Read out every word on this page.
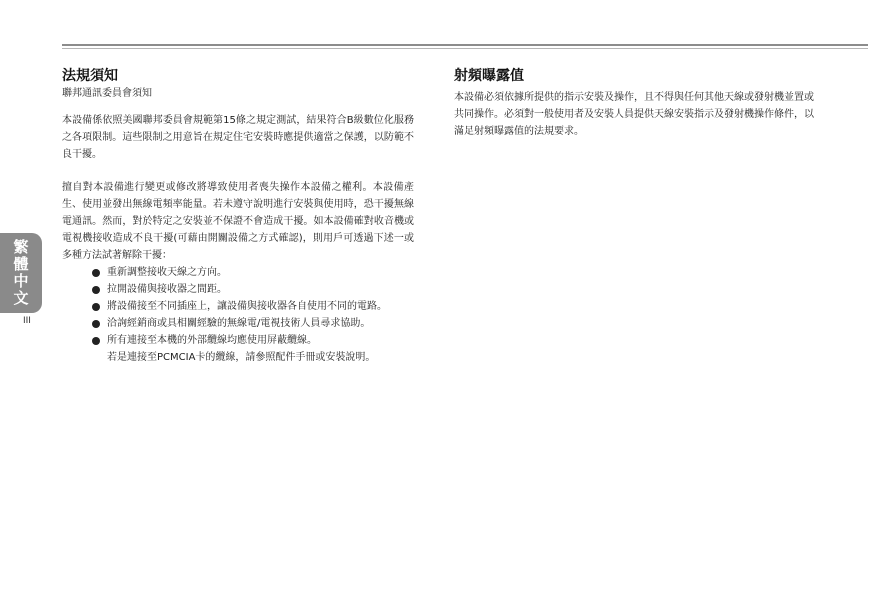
繁體中文
III
法規須知
聯邦通訊委員會須知

本設備係依照美國聯邦委員會規範第15條之規定測試，結果符合B級數位化服務之各項限制。這些限制之用意旨在規定住宅安裝時應提供適當之保護，以防範不良干擾。

擅自對本設備進行變更或修改將導致使用者喪失操作本設備之權利。本設備產生、使用並發出無線電頻率能量。若未遵守說明進行安裝與使用時，恐干擾無線電通訊。然而，對於特定之安裝並不保證不會造成干擾。如本設備確對收音機或電視機接收造成不良干擾(可藉由開關設備之方式確認)，則用戶可透過下述一或多種方法試著解除干擾：

重新調整接收天線之方向。
拉開設備與接收器之間距。
將設備接至不同插座上，讓設備與接收器各自使用不同的電路。
洽詢經銷商或具相關經驗的無線電/電視技術人員尋求協助。
所有連接至本機的外部纜線均應使用屏蔽纜線。
若是連接至PCMCIA卡的纜線，請參照配件手冊或安裝說明。
射頻曝露值

本設備必須依據所提供的指示安裝及操作，且不得與任何其他天線或發射機並置或共同操作。必須對一般使用者及安裝人員提供天線安裝指示及發射機操作條件，以滿足射頻曝露值的法規要求。
